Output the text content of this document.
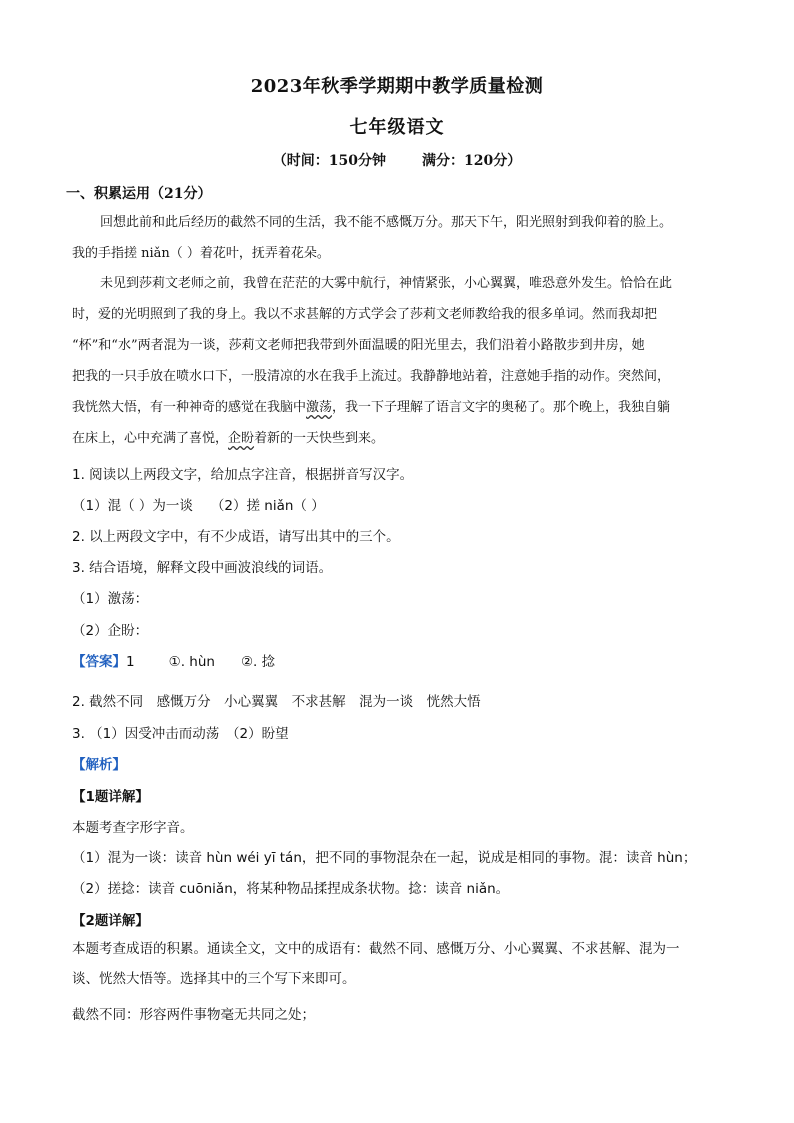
2023年秋季学期期中教学质量检测
七年级语文
（时间：150分钟	满分：120分）
一、积累运用（21分）
回想此前和此后经历的截然不同的生活，我不能不感慨万分。那天下午，阳光照射到我仰着的脸上。
我的手指搓 niǎn（ ）着花叶，抚弄着花朵。
未见到莎莉文老师之前，我曾在茫茫的大雾中航行，神情紧张，小心翼翼，唯恐意外发生。恰恰在此
时，爱的光明照到了我的身上。我以不求甚解的方式学会了莎莉文老师教给我的很多单词。然而我却把
“杯”和“水”两者混为一谈，莎莉文老师把我带到外面温暖的阳光里去，我们沿着小路散步到井房，她
把我的一只手放在喷水口下，一股清凉的水在我手上流过。我静静地站着，注意她手指的动作。突然间，
我恍然大悟，有一种神奇的感觉在我脑中激荡，我一下子理解了语言文字的奥秘了。那个晚上，我独自躺
在床上，心中充满了喜悦，企盼着新的一天快些到来。
1. 阅读以上两段文字，给加点字注音，根据拼音写汉字。
（1）混（ ）为一谈 （2）搓 niǎn（ ）
2. 以上两段文字中，有不少成语，请写出其中的三个。
3. 结合语境，解释文段中画波浪线的词语。
（1）激荡：
（2）企盼：
【答案】1	①. hùn ②. 捻
2. 截然不同　感慨万分　小心翼翼　不求甚解　混为一谈　恍然大悟
3. （1）因受冲击而动荡　（2）盼望
【解析】
【1题详解】
本题考查字形字音。
（1）混为一谈：读音 hùn wéi yī tán，把不同的事物混杂在一起，说成是相同的事物。混：读音 hùn；
（2）搓捻：读音 cuōniǎn，将某种物品揉捏成条状物。捻：读音 niǎn。
【2题详解】
本题考查成语的积累。通读全文，文中的成语有：截然不同、感慨万分、小心翼翼、不求甚解、混为一
谈、恍然大悟等。选择其中的三个写下来即可。
截然不同：形容两件事物毫无共同之处；
